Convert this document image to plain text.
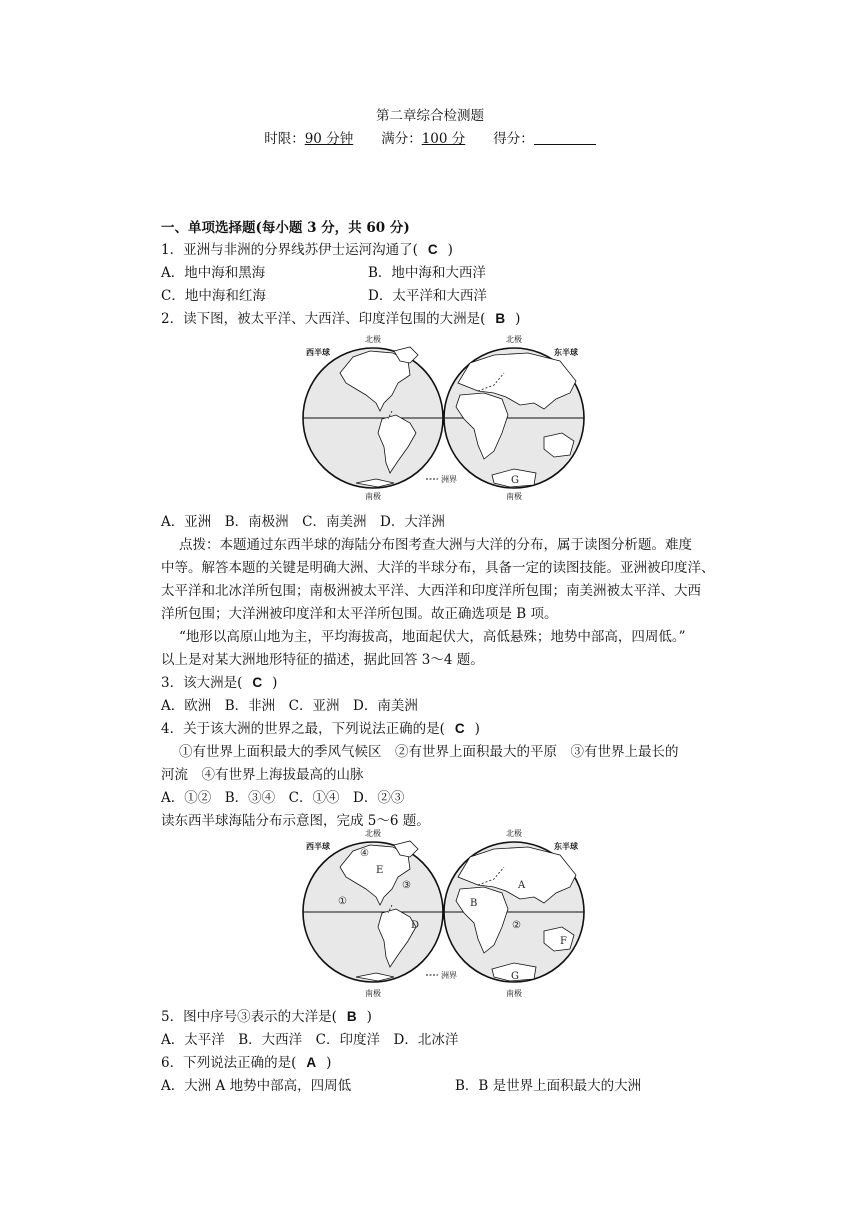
第二章综合检测题
时限：90 分钟 满分：100 分 得分：
一、单项选择题(每小题 3 分，共 60 分)
1．亚洲与非洲的分界线苏伊士运河沟通了( C )
A．地中海和黑海	B．地中海和大西洋
C．地中海和红海	D．太平洋和大西洋
2．读下图，被太平洋、大西洋、印度洋包围的大洲是( B )
西半球	东半球
北极	北极
南极	南极
洲界	G
A．亚洲　B．南极洲　C．南美洲　D．大洋洲
点拨：本题通过东西半球的海陆分布图考查大洲与大洋的分布，属于读图分析题。难度
中等。解答本题的关键是明确大洲、大洋的半球分布，具备一定的读图技能。亚洲被印度洋、
太平洋和北冰洋所包围；南极洲被太平洋、大西洋和印度洋所包围；南美洲被太平洋、大西
洋所包围；大洋洲被印度洋和太平洋所包围。故正确选项是 B 项。
“地形以高原山地为主，平均海拔高，地面起伏大，高低悬殊；地势中部高，四周低。”
以上是对某大洲地形特征的描述，据此回答 3～4 题。
3．该大洲是( C )
A．欧洲　B．非洲　C．亚洲　D．南美洲
4．关于该大洲的世界之最，下列说法正确的是( C )
①有世界上面积最大的季风气候区　②有世界上面积最大的平原　③有世界上最长的
河流　④有世界上海拔最高的山脉
A．①②　B．③④　C．①④　D．②③
读东西半球海陆分布示意图，完成 5～6 题。
西半球	东半球
北极	北极
南极	南极
洲界
①
②
③
④
A
B
D
E
F
G
5．图中序号③表示的大洋是( B )
A．太平洋　B．大西洋　C．印度洋　D．北冰洋
6．下列说法正确的是( A )
A．大洲 A 地势中部高，四周低	B．B 是世界上面积最大的大洲
